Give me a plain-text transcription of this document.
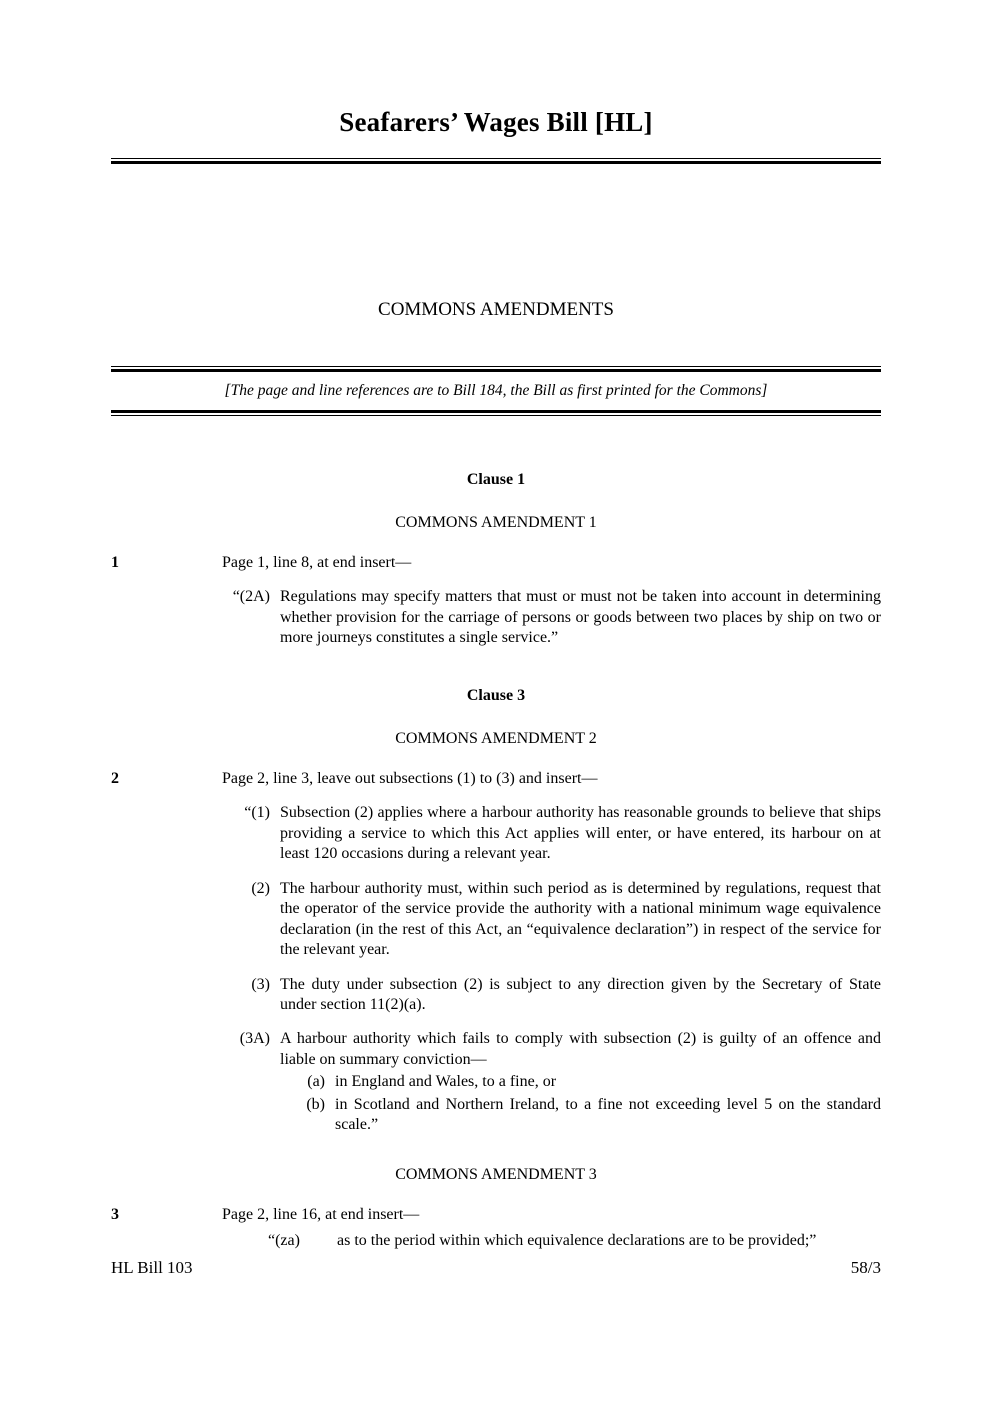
Seafarers’ Wages Bill [HL]
COMMONS AMENDMENTS
[The page and line references are to Bill 184, the Bill as first printed for the Commons]
Clause 1
COMMONS AMENDMENT 1
1	Page 1, line 8, at end insert—
“(2A) Regulations may specify matters that must or must not be taken into account in determining whether provision for the carriage of persons or goods between two places by ship on two or more journeys constitutes a single service.”
Clause 3
COMMONS AMENDMENT 2
2	Page 2, line 3, leave out subsections (1) to (3) and insert—
“(1) Subsection (2) applies where a harbour authority has reasonable grounds to believe that ships providing a service to which this Act applies will enter, or have entered, its harbour on at least 120 occasions during a relevant year.
(2) The harbour authority must, within such period as is determined by regulations, request that the operator of the service provide the authority with a national minimum wage equivalence declaration (in the rest of this Act, an “equivalence declaration”) in respect of the service for the relevant year.
(3) The duty under subsection (2) is subject to any direction given by the Secretary of State under section 11(2)(a).
(3A) A harbour authority which fails to comply with subsection (2) is guilty of an offence and liable on summary conviction—
(a) in England and Wales, to a fine, or
(b) in Scotland and Northern Ireland, to a fine not exceeding level 5 on the standard scale.”
COMMONS AMENDMENT 3
3	Page 2, line 16, at end insert—
“(za)	as to the period within which equivalence declarations are to be provided;”
HL Bill 103	58/3
